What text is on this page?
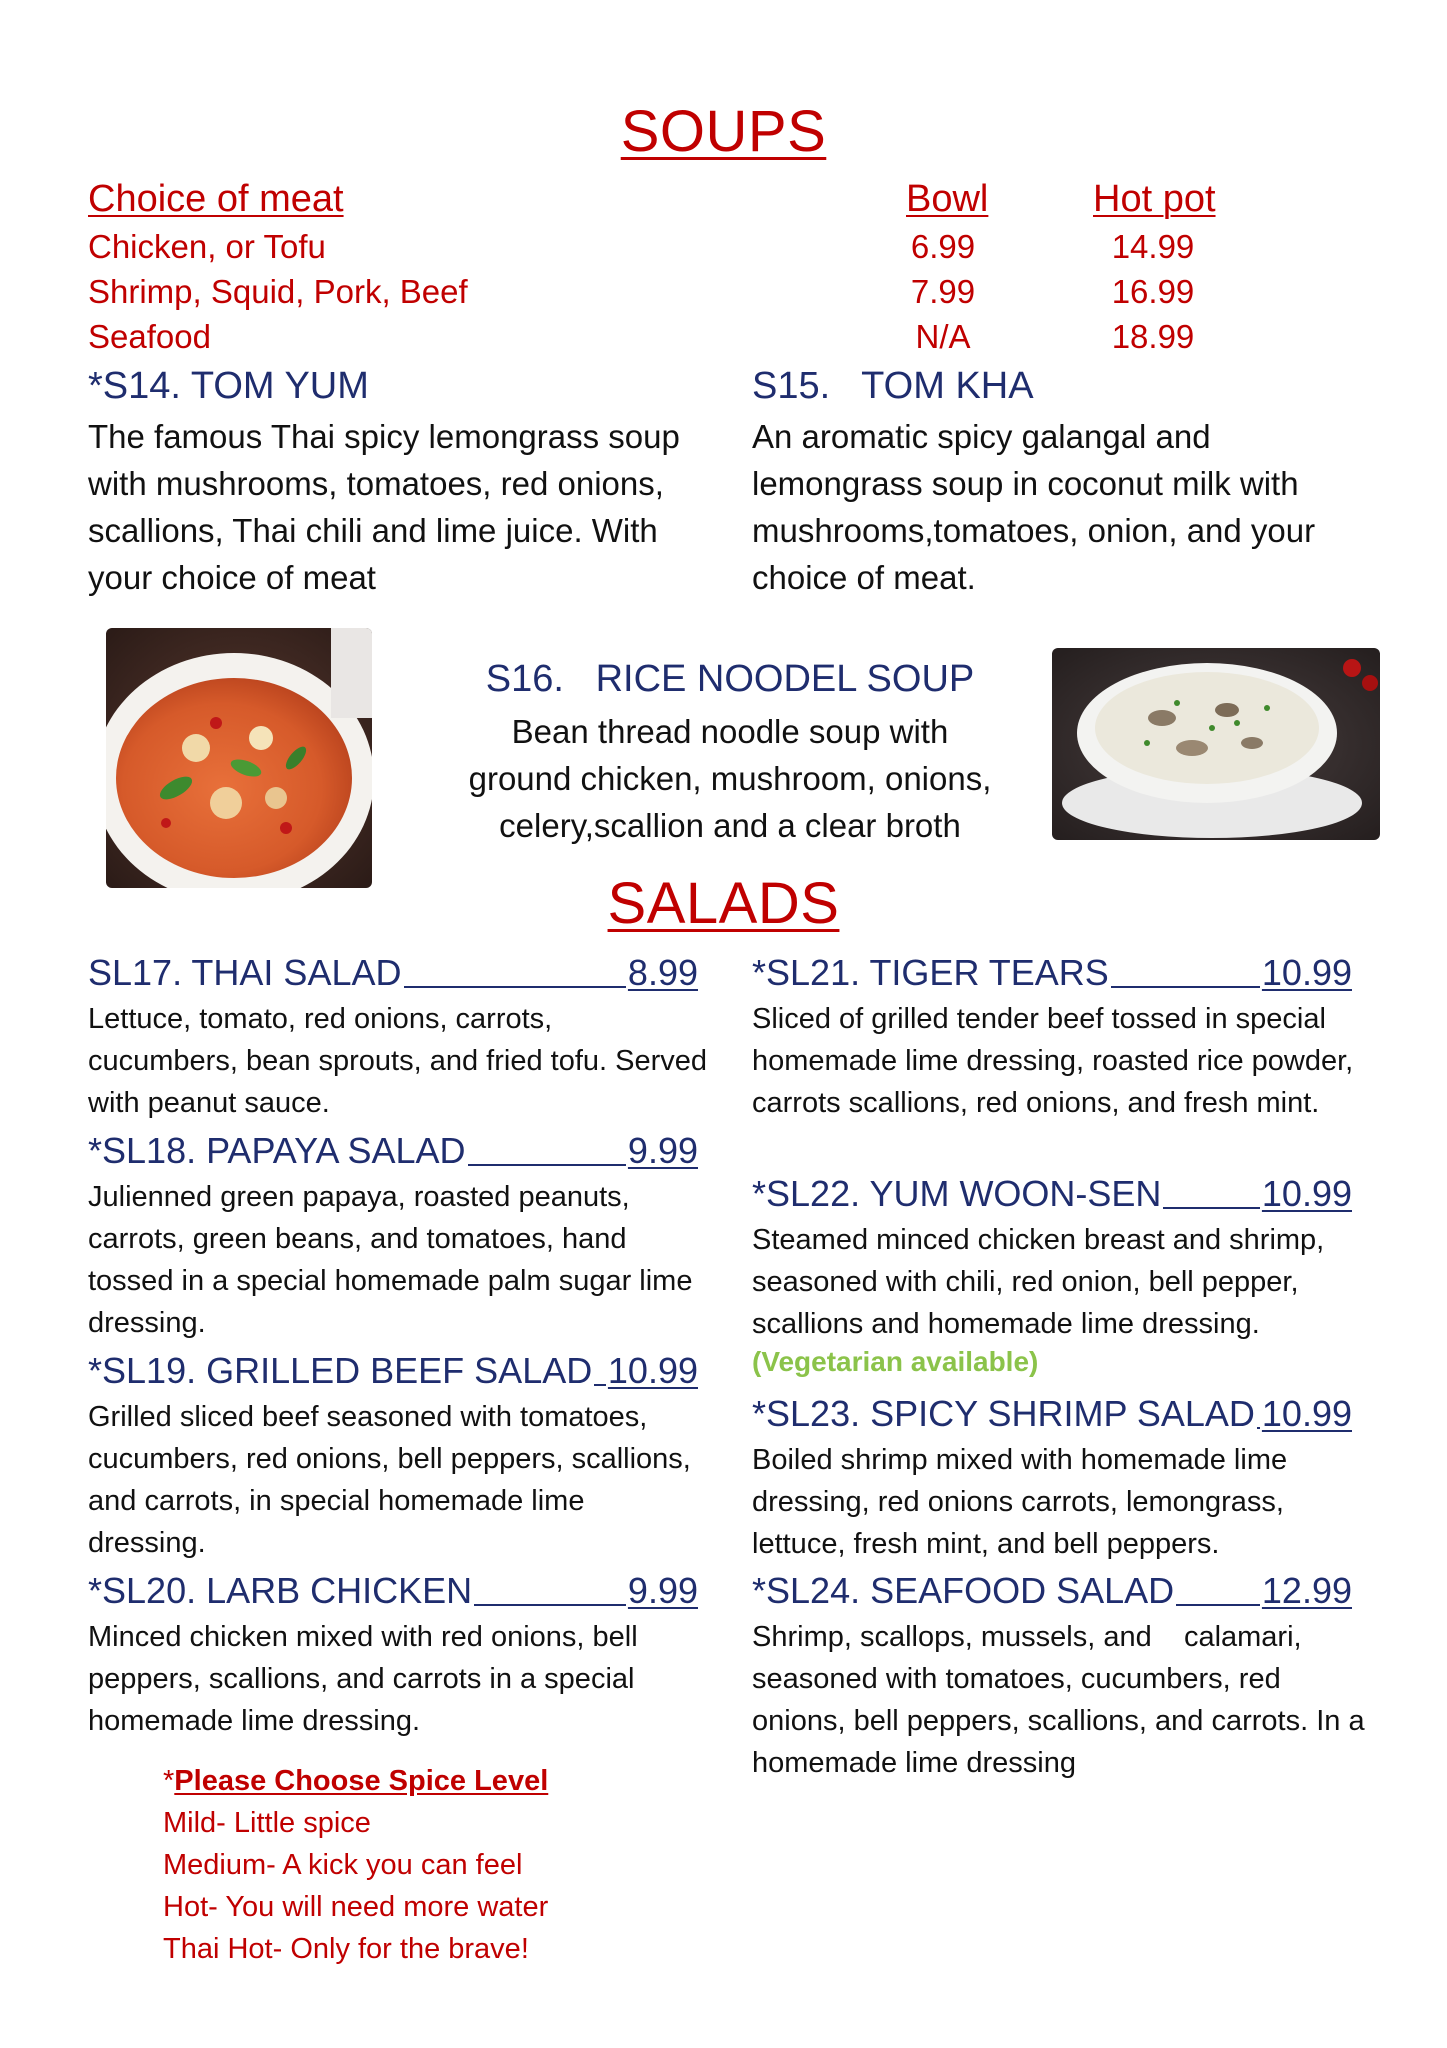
SOUPS
Choice of meat	Bowl	Hot pot
Chicken, or Tofu	6.99	14.99
Shrimp, Squid, Pork, Beef	7.99	16.99
Seafood	N/A	18.99
*S14. TOM YUM
The famous Thai spicy lemongrass soup with mushrooms, tomatoes, red onions, scallions, Thai chili and lime juice. With your choice of meat
S15.   TOM KHA
An aromatic spicy galangal and lemongrass soup in coconut milk with mushrooms,tomatoes, onion, and your choice of meat.
S16.   RICE NOODEL SOUP
Bean thread noodle soup with
ground chicken, mushroom, onions,
celery,scallion and a clear broth
SALADS
SL17. THAI SALAD	8.99
Lettuce, tomato, red onions, carrots, cucumbers, bean sprouts, and fried tofu. Served with peanut sauce.
*SL18. PAPAYA SALAD	9.99
Julienned green papaya, roasted peanuts, carrots, green beans, and tomatoes, hand tossed in a special homemade palm sugar lime dressing.
*SL19. GRILLED BEEF SALAD 10.99
Grilled sliced beef seasoned with tomatoes, cucumbers, red onions, bell peppers, scallions, and carrots, in special homemade lime dressing.
*SL20. LARB CHICKEN	9.99
Minced chicken mixed with red onions, bell peppers, scallions, and carrots in a special homemade lime dressing.
*SL21. TIGER TEARS	10.99
Sliced of grilled tender beef tossed in special homemade lime dressing, roasted rice powder, carrots scallions, red onions, and fresh mint.
*SL22. YUM WOON-SEN	10.99
Steamed minced chicken breast and shrimp, seasoned with chili, red onion, bell pepper, scallions and homemade lime dressing.
(Vegetarian available)
*SL23. SPICY SHRIMP SALAD 10.99
Boiled shrimp mixed with homemade lime dressing, red onions carrots, lemongrass, lettuce, fresh mint, and bell peppers.
*SL24. SEAFOOD SALAD 12.99
Shrimp, scallops, mussels, and    calamari, seasoned with tomatoes, cucumbers, red onions, bell peppers, scallions, and carrots. In a homemade lime dressing
*Please Choose Spice Level
Mild- Little spice
Medium- A kick you can feel
Hot- You will need more water
Thai Hot- Only for the brave!
